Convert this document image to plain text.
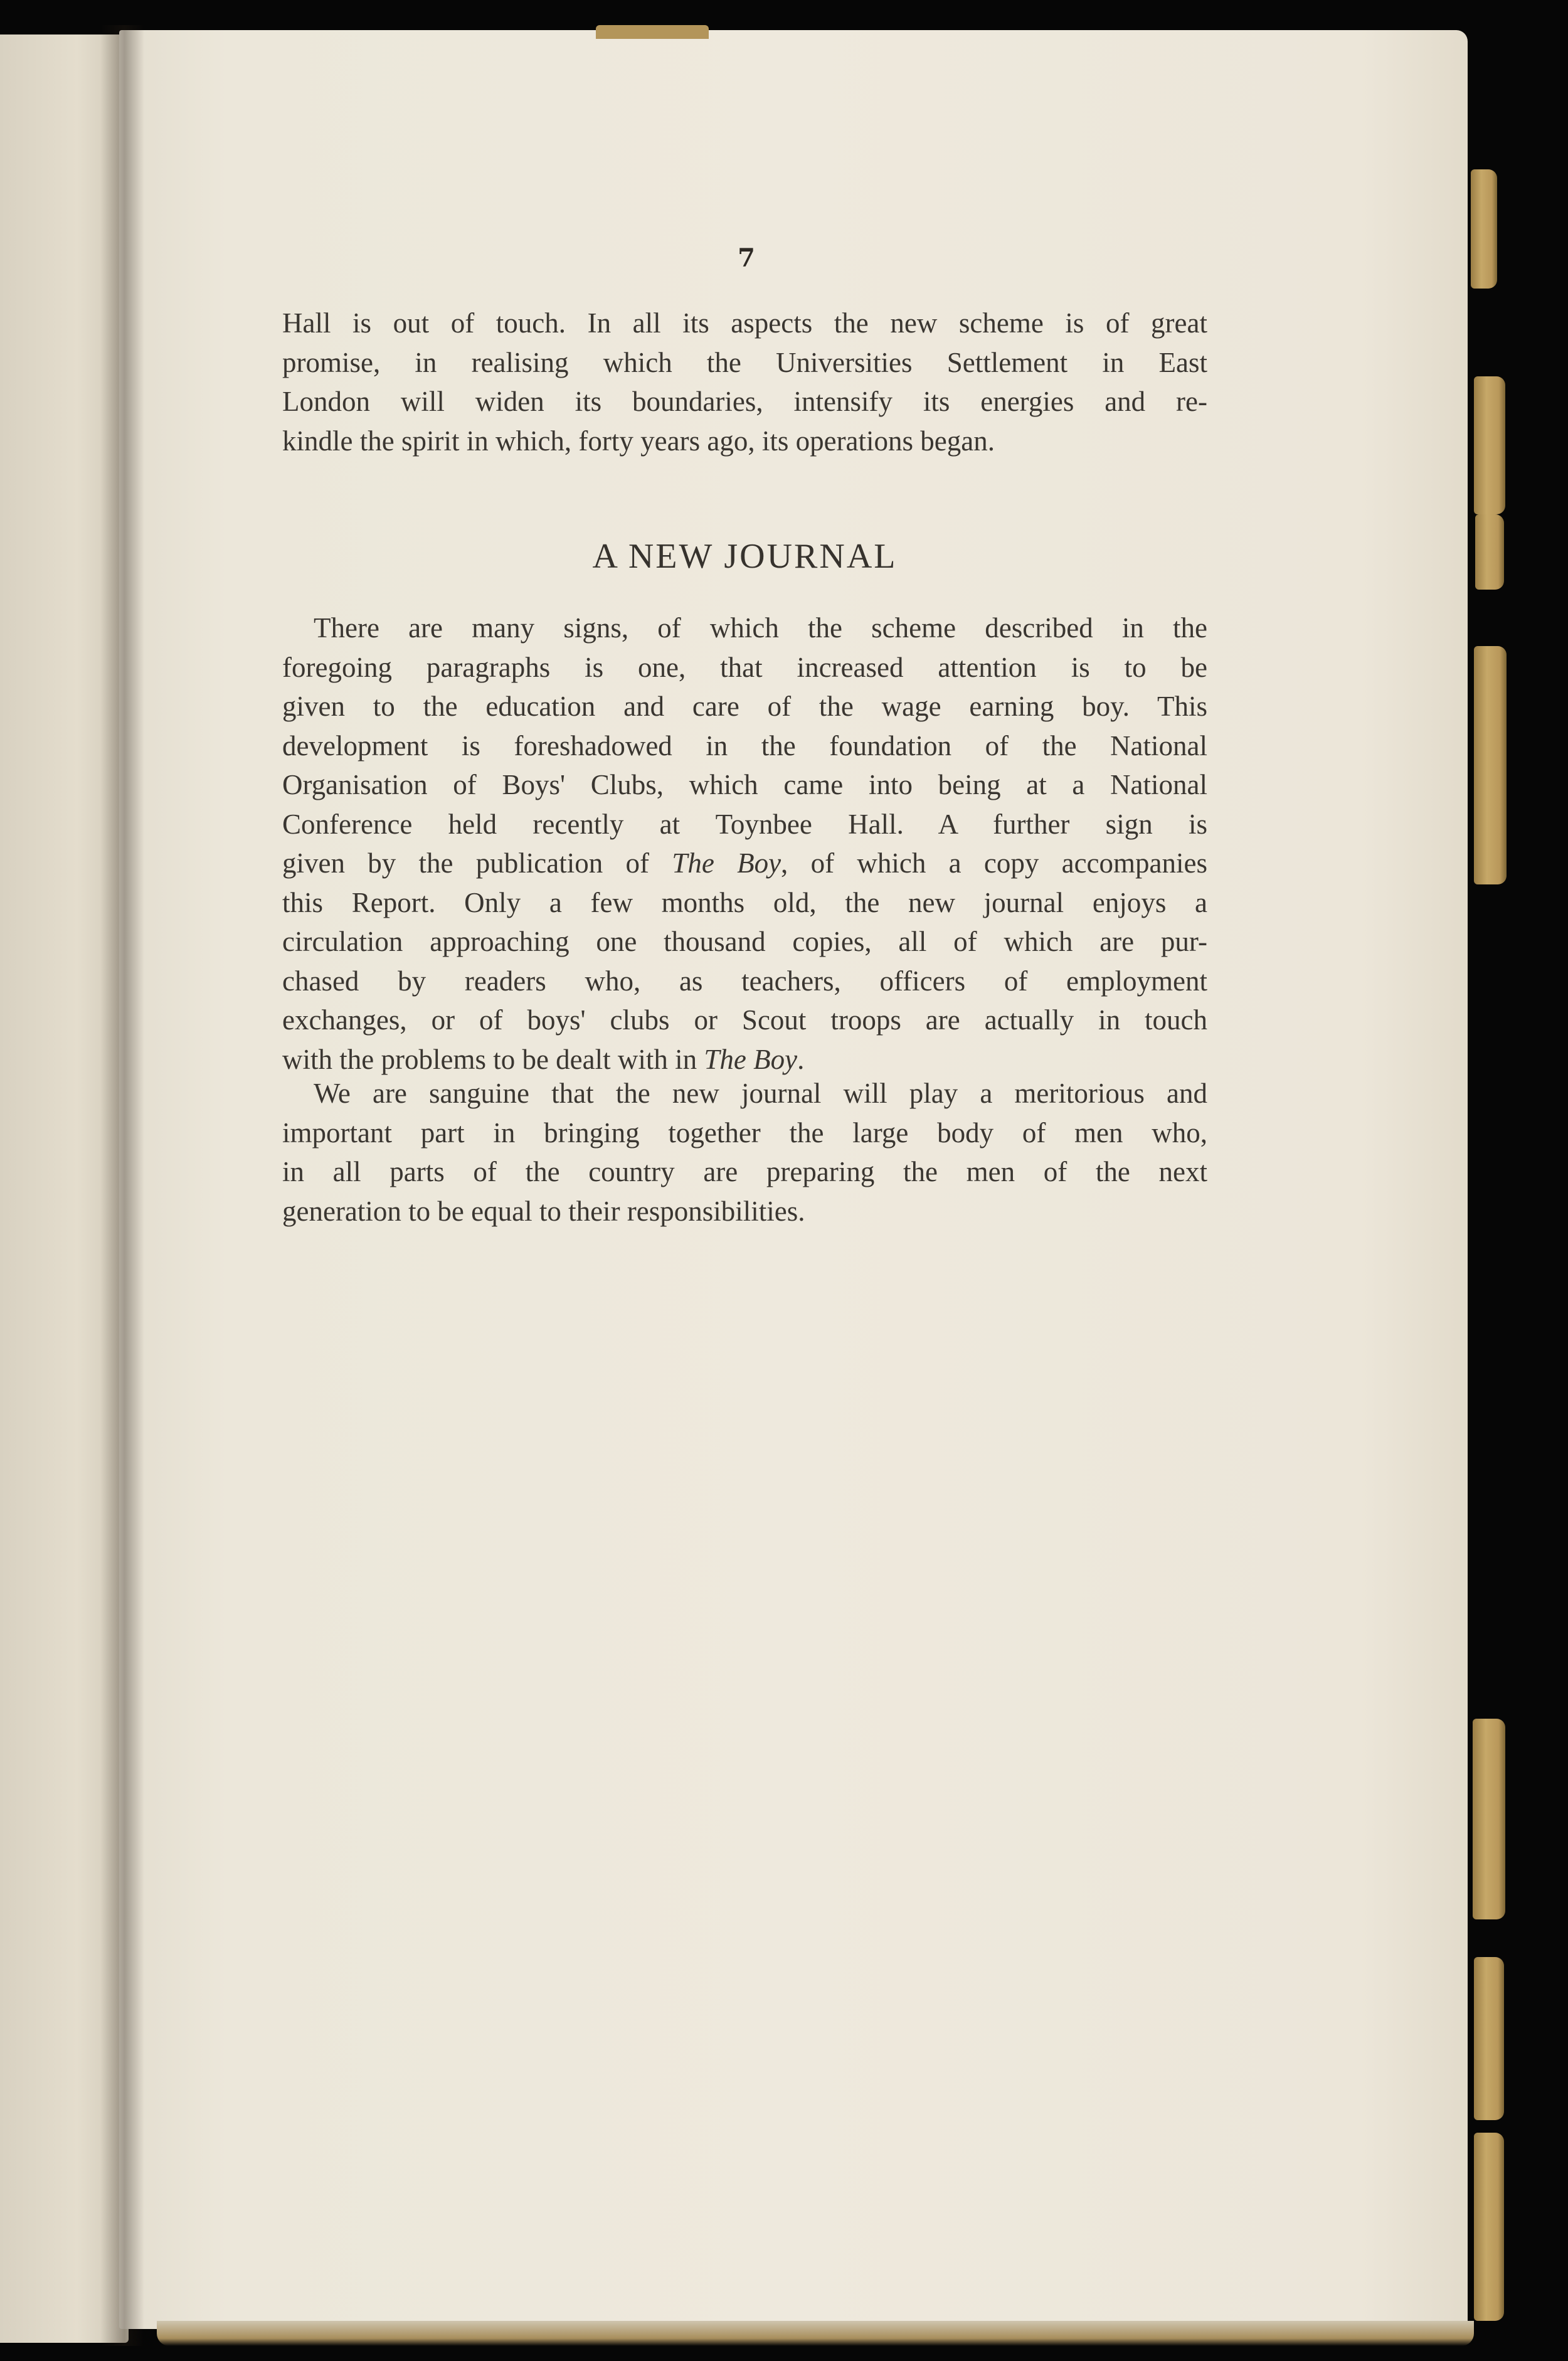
7
Hall is out of touch. In all its aspects the new scheme is of great
promise, in realising which the Universities Settlement in East
London will widen its boundaries, intensify its energies and re-
kindle the spirit in which, forty years ago, its operations began.
A NEW JOURNAL
There are many signs, of which the scheme described in the
foregoing paragraphs is one, that increased attention is to be
given to the education and care of the wage earning boy. This
development is foreshadowed in the foundation of the National
Organisation of Boys' Clubs, which came into being at a National
Conference held recently at Toynbee Hall. A further sign is
given by the publication of The Boy, of which a copy accompanies
this Report. Only a few months old, the new journal enjoys a
circulation approaching one thousand copies, all of which are pur-
chased by readers who, as teachers, officers of employment
exchanges, or of boys' clubs or Scout troops are actually in touch
with the problems to be dealt with in The Boy.
We are sanguine that the new journal will play a meritorious and
important part in bringing together the large body of men who,
in all parts of the country are preparing the men of the next
generation to be equal to their responsibilities.
